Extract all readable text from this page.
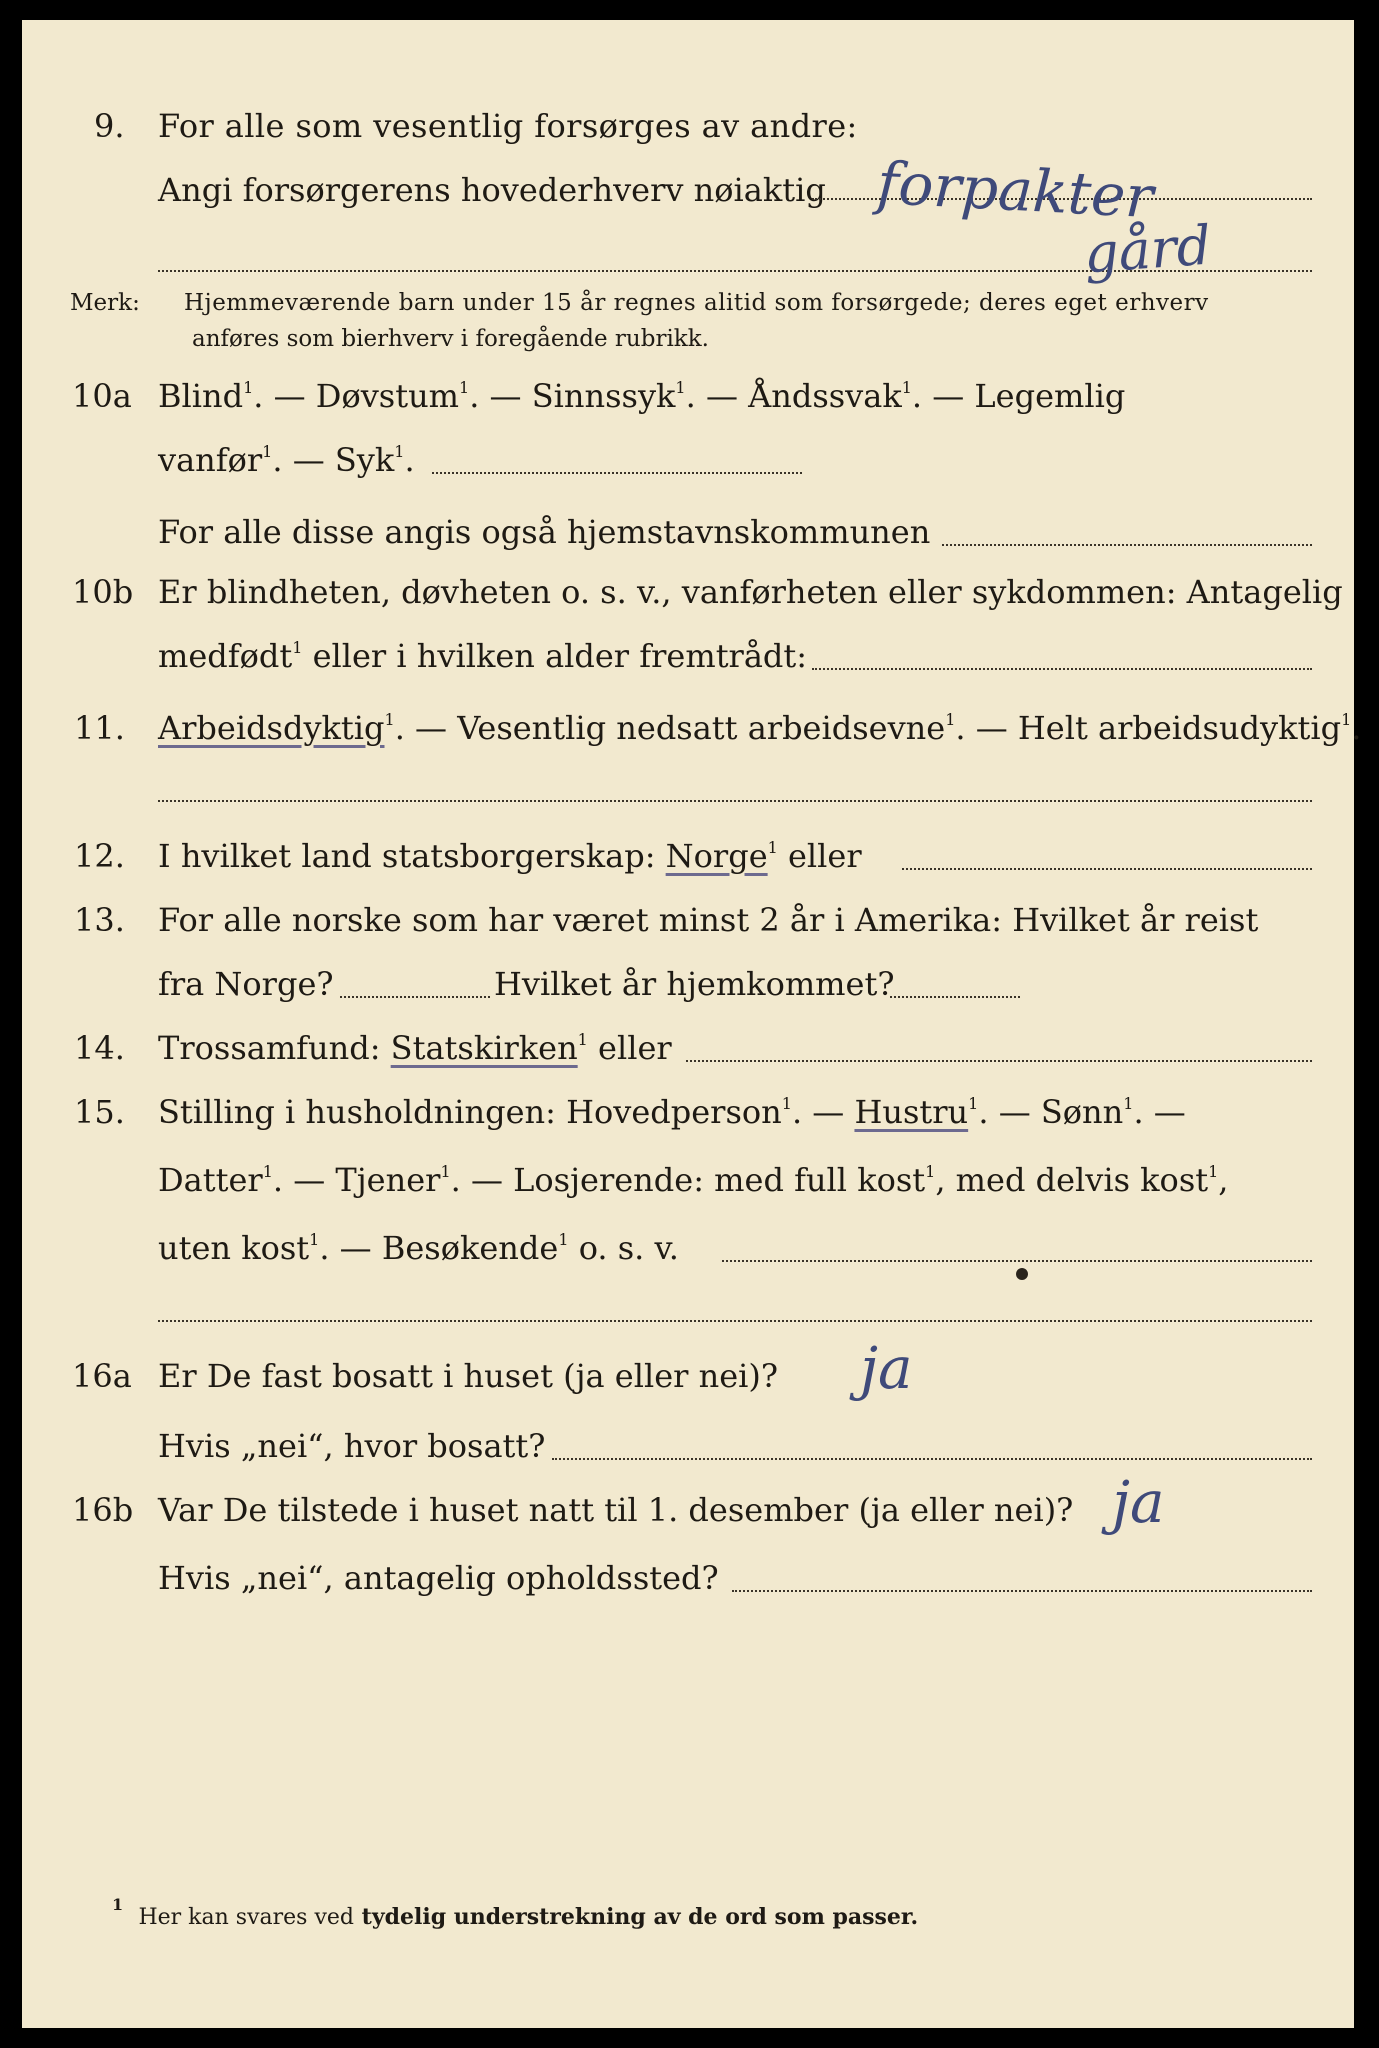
9. For alle som vesentlig forsørges av andre:
Angi forsørgerens hovederhverv nøiaktig forpakter
gård
Merk: Hjemmeværende barn under 15 år regnes alitid som forsørgede; deres eget erhverv
anføres som bierhverv i foregående rubrikk.
10a Blind$^1$. — Døvstum$^1$. — Sinnssyk$^1$. — Åndssvak$^1$. — Legemlig
vanfør$^1$. — Syk$^1$.
For alle disse angis også hjemstavnskommunen
10b Er blindheten, døvheten o. s. v., vanførheten eller sykdommen: Antagelig
medfødt$^1$ eller i hvilken alder fremtrådt:
11. Arbeidsdyktig$^1$. — Vesentlig nedsatt arbeidsevne$^1$. — Helt arbeidsudyktig$^1$.
12. I hvilket land statsborgerskap: Norge$^1$ eller
13. For alle norske som har været minst 2 år i Amerika: Hvilket år reist
fra Norge?	Hvilket år hjemkommet?
14. Trossamfund: Statskirken$^1$ eller
15. Stilling i husholdningen: Hovedperson$^1$. — Hustru$^1$. — Sønn$^1$. —
Datter$^1$. — Tjener$^1$. — Losjerende: med full kost$^1$, med delvis kost$^1$,
uten kost$^1$. — Besøkende$^1$ o. s. v.
16a Er De fast bosatt i huset (ja eller nei)? ja
Hvis „nei“, hvor bosatt?
16b Var De tilstede i huset natt til 1. desember (ja eller nei)? ja
Hvis „nei“, antagelig opholdssted?
$^1$  Her kan svares ved tydelig understrekning av de ord som passer.
